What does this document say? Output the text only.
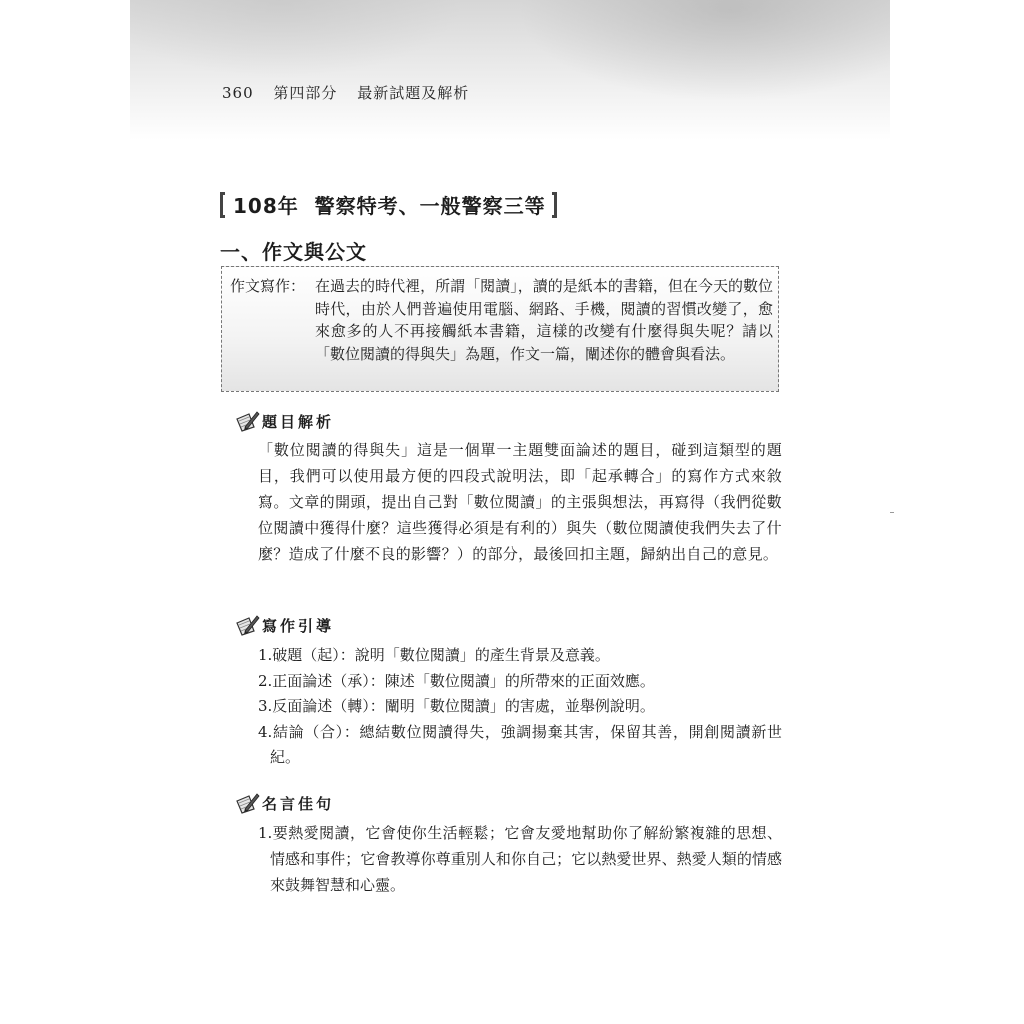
360 第四部分 最新試題及解析
108年  警察特考、一般警察三等
一、作文與公文
作文寫作： 在過去的時代裡，所謂「閱讀」，讀的是紙本的書籍，但在今天的數位時代，由於人們普遍使用電腦、網路、手機，閱讀的習慣改變了，愈來愈多的人不再接觸紙本書籍，這樣的改變有什麼得與失呢？請以「數位閱讀的得與失」為題，作文一篇，闡述你的體會與看法。
題目解析
「數位閱讀的得與失」這是一個單一主題雙面論述的題目，碰到這類型的題目，我們可以使用最方便的四段式說明法，即「起承轉合」的寫作方式來敘寫。文章的開頭，提出自己對「數位閱讀」的主張與想法，再寫得（我們從數位閱讀中獲得什麼？這些獲得必須是有利的）與失（數位閱讀使我們失去了什麼？造成了什麼不良的影響？）的部分，最後回扣主題，歸納出自己的意見。
寫作引導
1.破題（起）：說明「數位閱讀」的產生背景及意義。
2.正面論述（承）：陳述「數位閱讀」的所帶來的正面效應。
3.反面論述（轉）：闡明「數位閱讀」的害處，並舉例說明。
4.結論（合）：總結數位閱讀得失，強調揚棄其害，保留其善，開創閱讀新世紀。
名言佳句
1.要熱愛閱讀，它會使你生活輕鬆；它會友愛地幫助你了解紛繁複雜的思想、情感和事件；它會教導你尊重別人和你自己；它以熱愛世界、熱愛人類的情感來鼓舞智慧和心靈。
